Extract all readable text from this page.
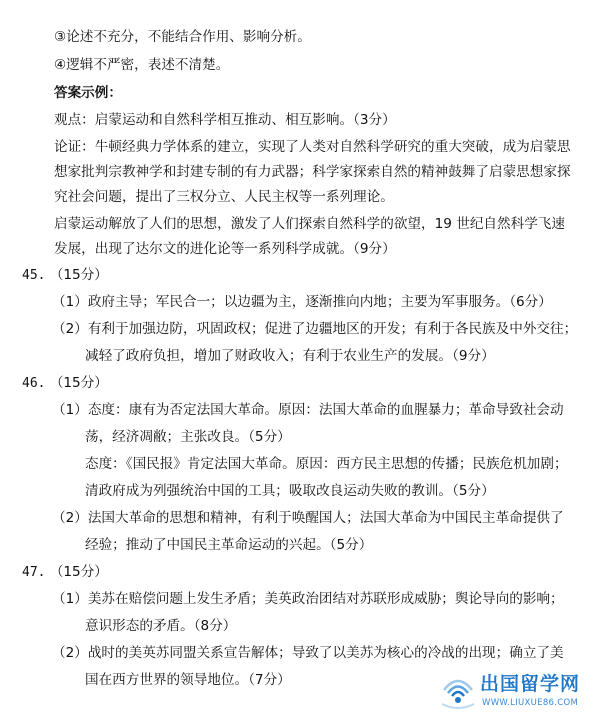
③论述不充分，不能结合作用、影响分析。
④逻辑不严密，表述不清楚。
答案示例：
观点：启蒙运动和自然科学相互推动、相互影响。（3分）
论证：牛顿经典力学体系的建立，实现了人类对自然科学研究的重大突破，成为启蒙思
想家批判宗教神学和封建专制的有力武器；科学家探索自然的精神鼓舞了启蒙思想家探
究社会问题，提出了三权分立、人民主权等一系列理论。
启蒙运动解放了人们的思想，激发了人们探索自然科学的欲望，19 世纪自然科学飞速
发展，出现了达尔文的进化论等一系列科学成就。（9分）
45. （15分）
（1）政府主导；军民合一；以边疆为主，逐渐推向内地；主要为军事服务。（6分）
（2）有利于加强边防，巩固政权；促进了边疆地区的开发；有利于各民族及中外交往；
减轻了政府负担，增加了财政收入；有利于农业生产的发展。（9分）
46. （15分）
（1）态度：康有为否定法国大革命。原因：法国大革命的血腥暴力；革命导致社会动
荡，经济凋敝；主张改良。（5分）
态度：《国民报》肯定法国大革命。原因：西方民主思想的传播；民族危机加剧；
清政府成为列强统治中国的工具；吸取改良运动失败的教训。（5分）
（2）法国大革命的思想和精神，有利于唤醒国人；法国大革命为中国民主革命提供了
经验；推动了中国民主革命运动的兴起。（5分）
47. （15分）
（1）美苏在赔偿问题上发生矛盾；美英政治团结对苏联形成威胁；舆论导向的影响；
意识形态的矛盾。（8分）
（2）战时的美英苏同盟关系宣告解体；导致了以美苏为核心的冷战的出现；确立了美
国在西方世界的领导地位。（7分）	出国留学网
WWW.LIUXUE86.COM
